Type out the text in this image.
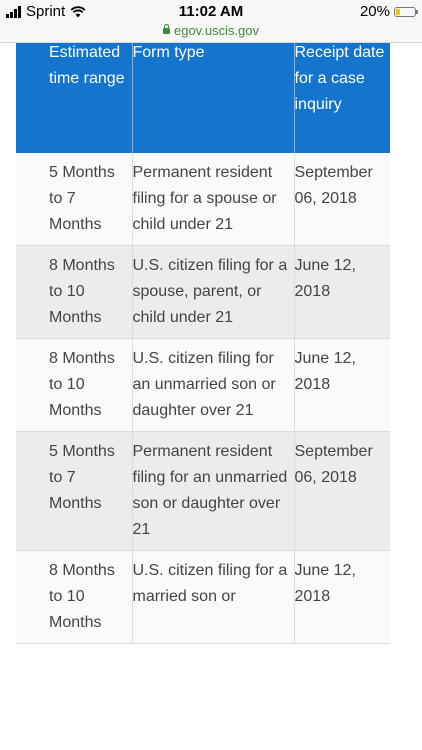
Sprint	11:02 AM	20%
egov.uscis.gov
Estimated time range	Form type	Receipt date for a case inquiry

5 Months to 7 Months	Permanent resident filing for a spouse or child under 21	September 06, 2018
8 Months to 10 Months	U.S. citizen filing for a spouse, parent, or child under 21	June 12, 2018
8 Months to 10 Months	U.S. citizen filing for an unmarried son or daughter over 21	June 12, 2018
5 Months to 7 Months	Permanent resident filing for an unmarried son or daughter over 21	September 06, 2018
8 Months to 10 Months	U.S. citizen filing for a married son or	June 12, 2018
